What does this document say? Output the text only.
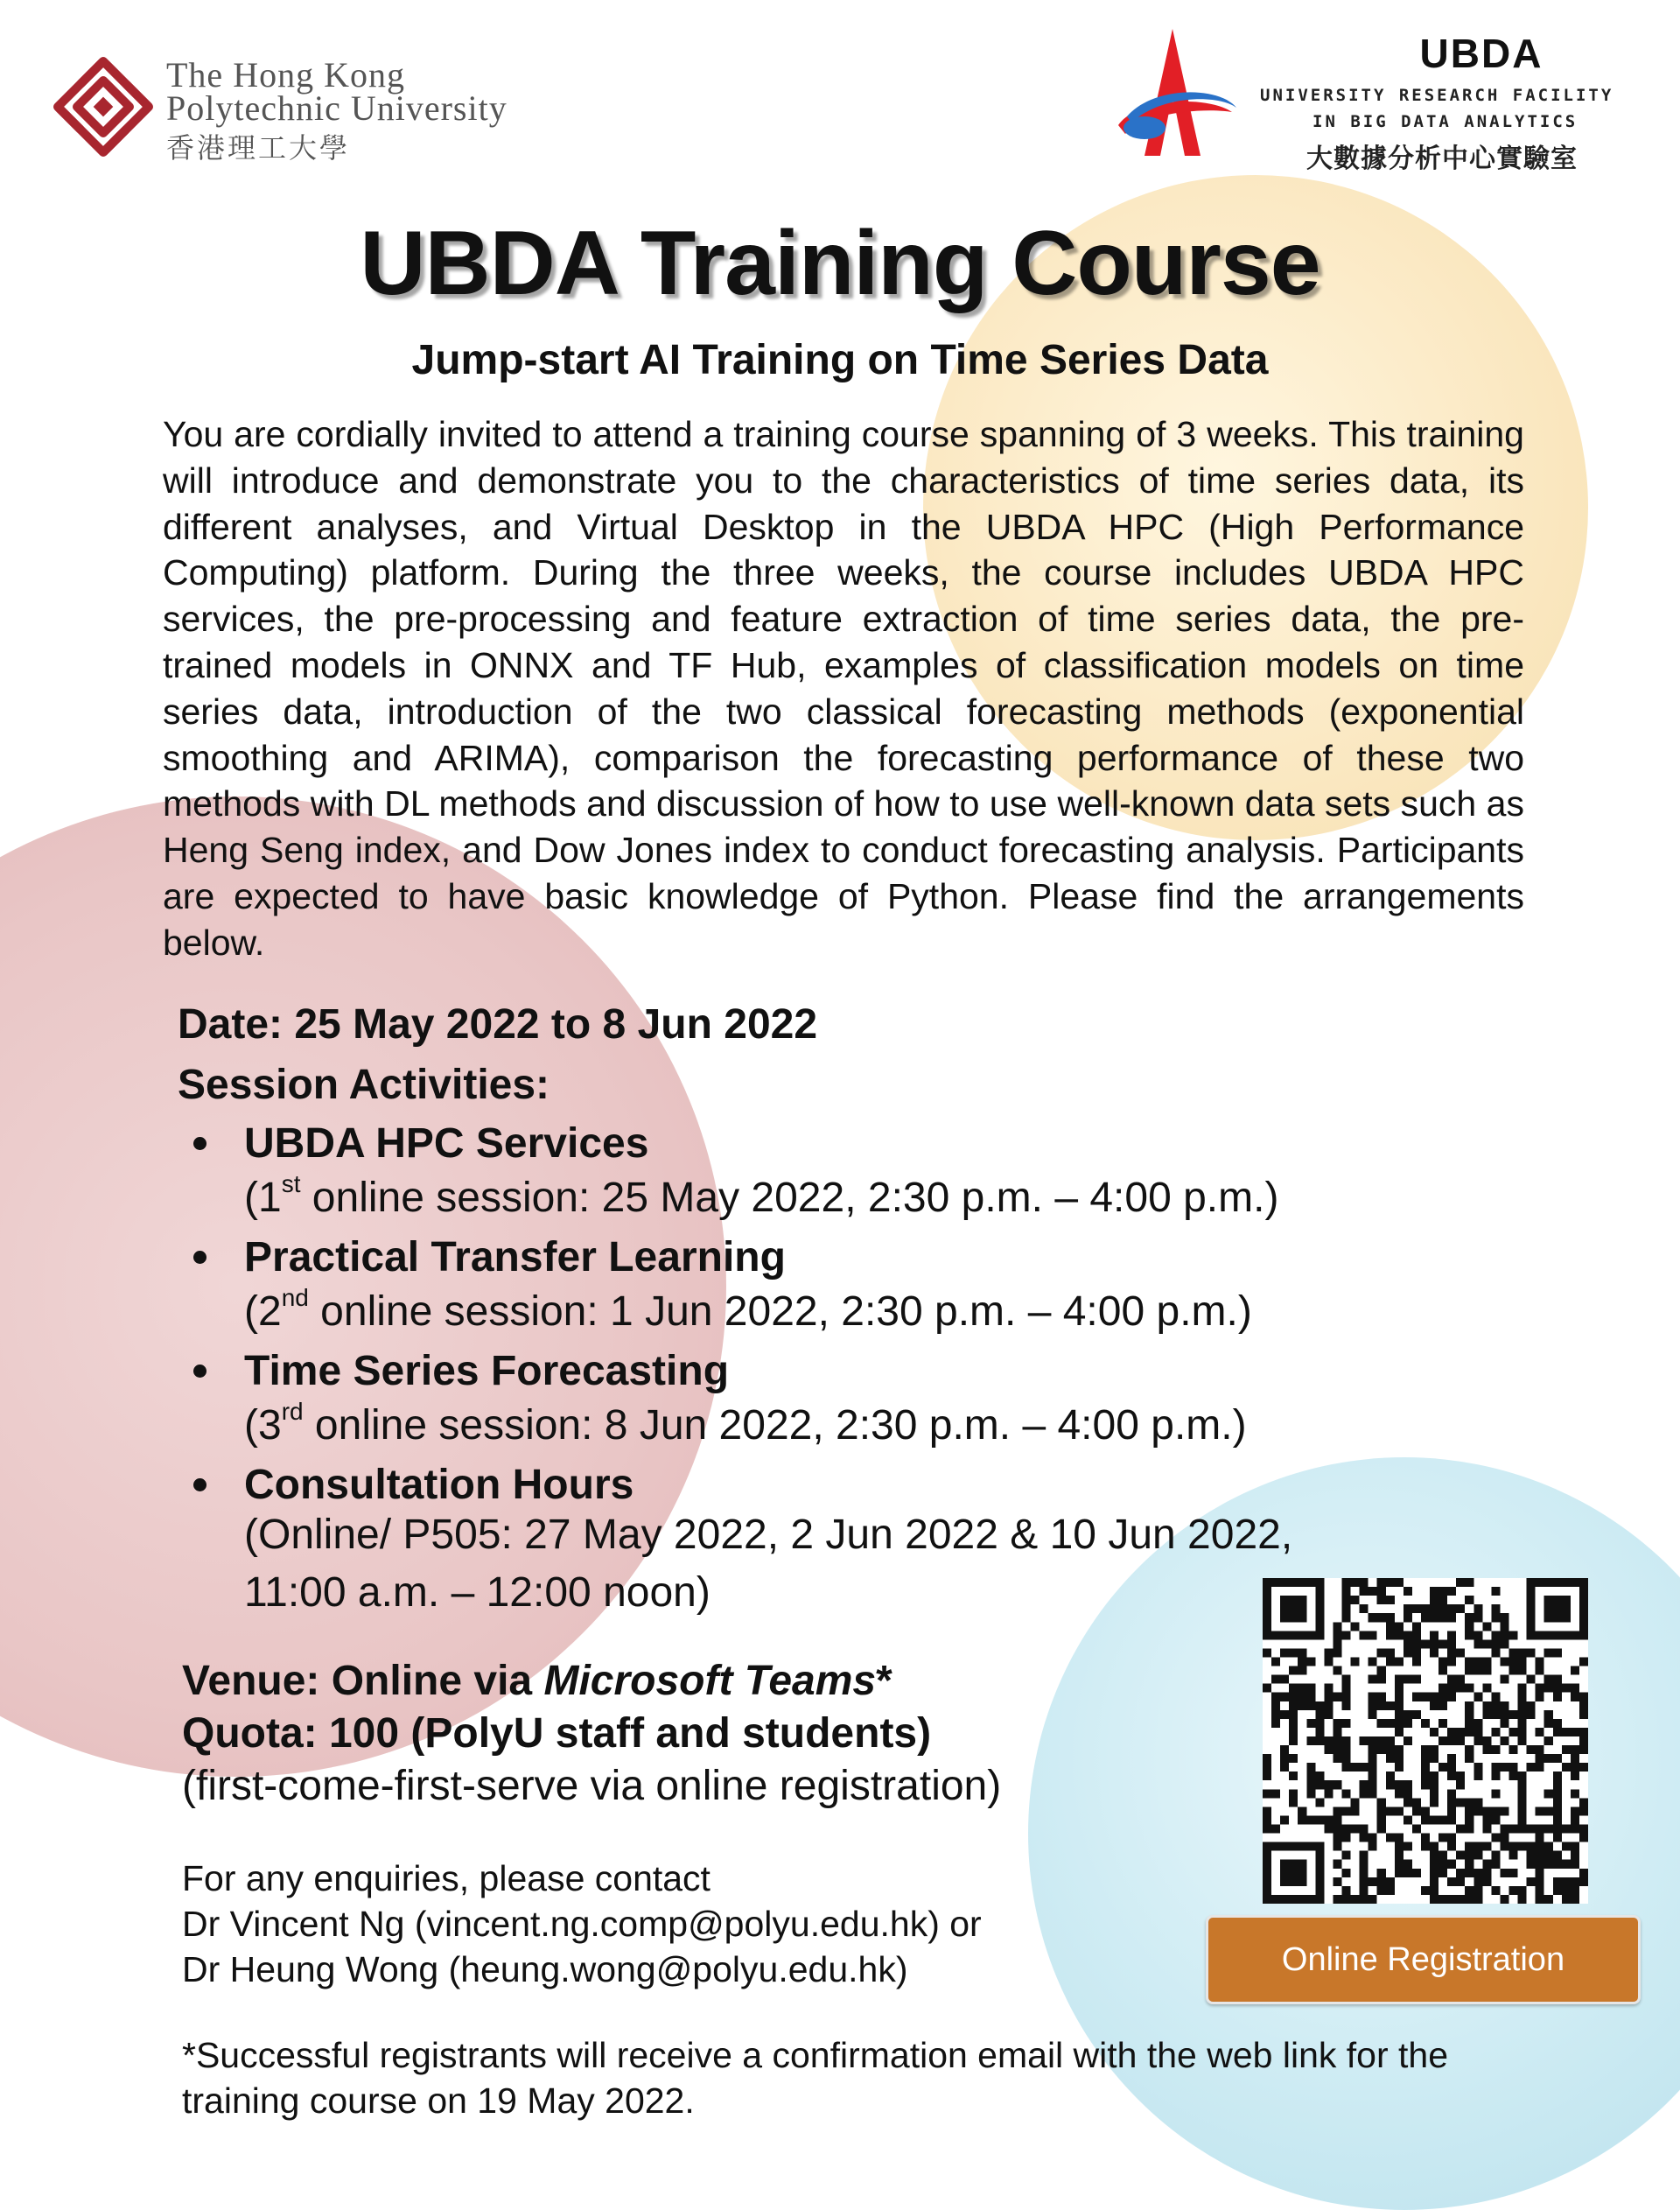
The Hong Kong
Polytechnic University
香港理工大學
UBDA
UNIVERSITY RESEARCH FACILITY
IN BIG DATA ANALYTICS
大數據分析中心實驗室
UBDA Training Course
Jump-start AI Training on Time Series Data
You are cordially invited to attend a training course spanning of 3 weeks. This training will introduce and demonstrate you to the characteristics of time series data, its different analyses, and Virtual Desktop in the UBDA HPC (High Performance Computing) platform. During the three weeks, the course includes UBDA HPC services, the pre-processing and feature extraction of time series data, the pre-trained models in ONNX and TF Hub, examples of classification models on time series data, introduction of the two classical forecasting methods (exponential smoothing and ARIMA), comparison the forecasting performance of these two methods with DL methods and discussion of how to use well-known data sets such as Heng Seng index, and Dow Jones index to conduct forecasting analysis. Participants are expected to have basic knowledge of Python. Please find the arrangements below.
Date: 25 May 2022 to 8 Jun 2022
Session Activities:
UBDA HPC Services
(1st online session: 25 May 2022, 2:30 p.m. – 4:00 p.m.)
Practical Transfer Learning
(2nd online session: 1 Jun 2022, 2:30 p.m. – 4:00 p.m.)
Time Series Forecasting
(3rd online session: 8 Jun 2022, 2:30 p.m. – 4:00 p.m.)
Consultation Hours
(Online/ P505: 27 May 2022, 2 Jun 2022 & 10 Jun 2022,
11:00 a.m. – 12:00 noon)
Venue: Online via Microsoft Teams*
Quota: 100 (PolyU staff and students)
(first-come-first-serve via online registration)
For any enquiries, please contact
Dr Vincent Ng (vincent.ng.comp@polyu.edu.hk) or
Dr Heung Wong (heung.wong@polyu.edu.hk)
*Successful registrants will receive a confirmation email with the web link for the training course on 19 May 2022.
Online Registration
